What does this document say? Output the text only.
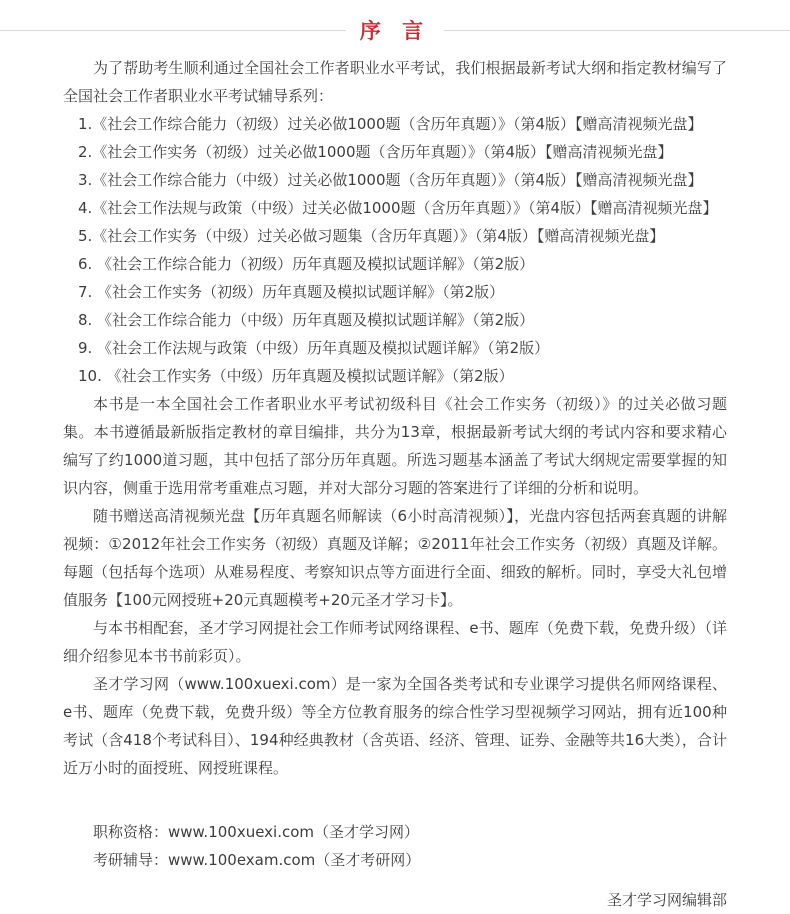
序 言

为了帮助考生顺利通过全国社会工作者职业水平考试，我们根据最新考试大纲和指定教材编写了全国社会工作者职业水平考试辅导系列：

1.《社会工作综合能力（初级）过关必做1000题（含历年真题）》（第4版）【赠高清视频光盘】
2.《社会工作实务（初级）过关必做1000题（含历年真题）》（第4版）【赠高清视频光盘】
3.《社会工作综合能力（中级）过关必做1000题（含历年真题）》（第4版）【赠高清视频光盘】
4.《社会工作法规与政策（中级）过关必做1000题（含历年真题）》（第4版）【赠高清视频光盘】
5.《社会工作实务（中级）过关必做习题集（含历年真题）》（第4版）【赠高清视频光盘】
6. 《社会工作综合能力（初级）历年真题及模拟试题详解》（第2版）
7. 《社会工作实务（初级）历年真题及模拟试题详解》（第2版）
8. 《社会工作综合能力（中级）历年真题及模拟试题详解》（第2版）
9. 《社会工作法规与政策（中级）历年真题及模拟试题详解》（第2版）
10. 《社会工作实务（中级）历年真题及模拟试题详解》（第2版）

本书是一本全国社会工作者职业水平考试初级科目《社会工作实务（初级）》的过关必做习题集。本书遵循最新版指定教材的章目编排，共分为13章，根据最新考试大纲的考试内容和要求精心编写了约1000道习题，其中包括了部分历年真题。所选习题基本涵盖了考试大纲规定需要掌握的知识内容，侧重于选用常考重难点习题，并对大部分习题的答案进行了详细的分析和说明。

随书赠送高清视频光盘【历年真题名师解读（6小时高清视频）】，光盘内容包括两套真题的讲解视频：①2012年社会工作实务（初级）真题及详解；②2011年社会工作实务（初级）真题及详解。每题（包括每个选项）从难易程度、考察知识点等方面进行全面、细致的解析。同时，享受大礼包增值服务【100元网授班+20元真题模考+20元圣才学习卡】。

与本书相配套，圣才学习网提社会工作师考试网络课程、e书、题库（免费下载，免费升级）（详细介绍参见本书书前彩页）。

圣才学习网（www.100xuexi.com）是一家为全国各类考试和专业课学习提供名师网络课程、e书、题库（免费下载，免费升级）等全方位教育服务的综合性学习型视频学习网站，拥有近100种考试（含418个考试科目）、194种经典教材（含英语、经济、管理、证券、金融等共16大类），合计近万小时的面授班、网授班课程。

职称资格：www.100xuexi.com（圣才学习网）
考研辅导：www.100exam.com（圣才考研网）
圣才学习网编辑部
